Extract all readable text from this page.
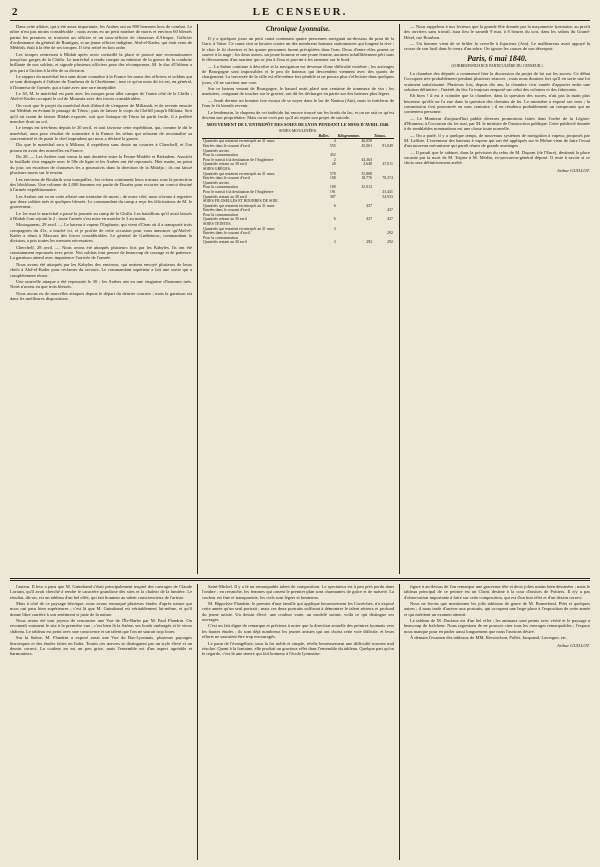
2	LE CENSEUR.

Dans cette affaire, qui a été assez importante, les Arabes ont eu 800 hommes hors de combat. Le nôtre n'est pas moins considérable ; nous avons eu un petit nombre de morts et environ 60 blessés parmi les premiers se trouvent un officier et un sous-officier de chasseurs d'Afrique, l'officier d'ordonnance du général de Rumigny, et un jeune officier indigène. Abd-el-Kader, qui était venu de Médéah, était à la tête de ses troupes. Il s'est retiré en bon ordre.

Les troupes rentreront à Blidah après avoir ravitaillé la place et poussé une reconnaissance jusqu'aux gorges de la Chiffa. Le maréchal a rendu compte au ministre de la guerre de la conduite brillante de nos soldats, et signale plusieurs officiers pour des récompenses. M. le duc d'Orléans a pris part à l'action à la tête de sa division.

Le rapport du maréchal fera sans doute connaître à la France les noms des officiers et soldats qui se sont distingués à l'affaire du Tombeau de la Chrétienne ; tout ce qu'on nous dit ici est, en général, à l'honneur de l'armée, qui a lutté avec une rare intrépidité.

Le 30, M. le maréchal est parti avec les troupes pour aller camper de l'autre côté de la Chiffa ; Abd-el-Kader occupait le col de Mouzaïa avec des forces considérables.

On croit que le projet du maréchal était d'abord de s'emparer de Milianah, et de revenir ensuite sur Médéah en évitant le passage de Ténia ; puis de laisser le corps du Chéliff jusqu'à Miliana. Soit qu'il ait craint de laisser Blidah exposée, soit que l'attaque de Ténia lui parût facile, il a préféré marcher droit au col.

Le temps est très-beau depuis le 20 avril, et tout favorise cette expédition, qui, comme le dit le maréchal, aura pour résultat de soumettre à la France les tribus qui refusent de reconnaître sa souveraineté et de punir le chef imprudent qui nous a déclaré la guerre.

Dis que le maréchal sera à Miliana, il expédiera sans doute un courrier à Cherchell, et l'on pourra en avoir des nouvelles en France.

Du 28. — Les Arabes sont venus la nuit dernière entre la Ferme-Modèle et Birkadem. Aussitôt la fusillade s'est engagée avec le 58e de ligne et les Arabes ont été repoussés. Hier matin, au point du jour, un escadron de chasseurs les a poursuivis dans la direction de la Mitidja ; ils ont laissé plusieurs morts sur le terrain.

Les environs de Boufarik sont tranquilles ; les colons continuent leurs travaux sous la protection des blockhaus. Une colonne de 2,000 hommes est partie de Douéra pour escorter un convoi destiné à l'armée expéditionnaire.

Les Arabes ont eu en cette affaire une trentaine de morts ; de notre côté, nous n'avons à regretter que deux soldats tués et quelques blessés. Le commandant du camp a reçu les félicitations de M. le gouverneur.

Le 1er mai le maréchal a passé la journée au camp de la Chiffa. Les bataillons qu'il avait laissés à Blidah l'ont rejoint le 2 ; toute l'armée s'est mise en marche le 3 au matin.

Mostaganem, 29 avril. — Le bateau à vapeur l'Euphrate, qui vient d'Oran où il a transporté trois compagnies du 41e, a touché ici, et je profite de cette occasion pour vous annoncer qu'Abd-el-Kader a réuni à Mascara des forces considérables. Le général de Guéhéneuc, commandant la division, a pris toutes les mesures nécessaires.

Cherchell, 28 avril. — Nous avons été attaqués plusieurs fois par les Kabyles. Ils ont été constamment repoussés avec perte. Nos soldats font preuve de beaucoup de courage et de patience. La garnison attend avec impatience l'arrivée de l'armée.

Nous avons été attaqués par les Kabyles des environs, qui avaient envoyé plusieurs de leurs chefs à Abd-el-Kader pour réclamer du secours. Le commandant supérieur a fait une sortie qui a complètement réussi.

Une nouvelle attaque a été repoussée le 30 ; les Arabes ont eu une vingtaine d'hommes tués. Nous n'avons eu que trois blessés.

Nous avons eu de nouvelles attaques depuis le départ du dernier courrier ; mais la garnison est dans les meilleures dispositions.

Chronique Lyonnaise.

Il y a quelques jours un petit canot contenant quatre personnes naviguait au-dessous du pont de la Gare, à Vaise. Ce canot vint se heurter contre un des nombreux bateaux stationnaires qui longent la rive ; le choc le fit chavirer et les quatre personnes furent précipitées dans l'eau. Deux d'entre elles purent se sauver à la nage ; les deux autres, un jeune homme et une jeune femme, auraient infailliblement péri sans le dévouement d'un mariner qui se jeta à l'eau et parvint à les ramener sur le bord.

— La Saône continue à décroître et la navigation est devenue d'une difficulté extrême ; les arrivages de Bourgogne sont impossibles et le peu de bateaux qui descendent viennent avec des quarts de chargement. La traversée de la ville est elle-même fort pénible et ne pourra plus s'effectuer dans quelques jours, s'il ne survient une crue.

Sur ce bateau venant de Bourgogne, le hasard avait placé une centaine de tonneaux de vin ; les mariniers, craignant de toucher sur le gravier, ont dû les décharger en partie sur des bateaux plus légers.

— Jeudi dernier un homme ivre essaya de se noyer dans le lac de Nantua (Ain), mais la fraîcheur de l'eau le fit bientôt revenir.

Le lendemain, le chapeau de cet individu fut encore trouvé sur les bords du lac, et on ne sait ce qu'est devenu son propriétaire. Mais on ne croit pas qu'il ait repris son projet de suicide.

MOUVEMENT DE L'ENTREPÔT DES SOIES DE LYON PENDANT LE MOIS D'AVRIL 1840.
SOIES MOULINÉES.
	Balles.	Kilogrammes.	Totaux.
Quantités qui restaient en entrepôt au 31 mars	4	46,058	
Entrées dans le courant d'avril	555	45,061	91,049
Quantités sorties.			
Pour la consommation	452		
Pour le transit à la destination de l'Angleterre	2	44,363	
Quantités restant au 30 avril	28	2,648	47,011
SOIES GRÈGES.			
Quantités qui restaient en entrepôt au 31 mars	578	55,808	
Entrées dans le courant d'avril	188	18,776	78,374
Quantités sorties.			
Pour la consommation	180	23,012	
Pour le transit à la destination de l'Angleterre	191		23,441
Quantités restant au 30 avril	387		54,933
SOIES FILOSELLES ET BOURRES DE SOIE.			
Quantités qui restaient en entrepôt au 31 mars	6	437	
Entrées dans le courant d'avril			437
Pour la consommation			
Quantités restant au 30 avril	6	437	437
SOIES TEINTES.			
Quantités qui restaient en entrepôt au 31 mars	3		
Entrées dans le courant d'avril			292
Pour la consommation			
Quantités restant au 30 avril	3	292	292

— Nous rappelons à nos lecteurs que la grande fête donnée par la maçonnerie lyonnaise, au profit des ouvriers sans travail, aura lieu le samedi 9 mai, à 8 heures du soir, dans les salons du Grand-Hôtel, rue Bourbon.

— Un homme vient de se brûler la cervelle à Jujurieux (Ain). Le malheureux avait appuyé la crosse de son fusil dans le creux d'un arbre. On ignore les causes de son désespoir.

Paris, 6 mai 1840.
(CORRESPONDANCE PARTICULIÈRE DU CENSEUR.)

La chambre des députés a commencé hier la discussion du projet de loi sur les sucres. Ce débat l'occupera très-probablement pendant plusieurs séances ; mais nous doutons fort qu'il en sorte une loi vraiment satisfaisante. Plusieurs fois, depuis dix ans, la chambre s'est vantée d'apporter enfin une solution définitive ; l'intérêt du fisc l'a toujours emporté sur celui des colonies et des fabricants.

Eh bien ! il est à craindre que la chambre, dans la question des sucres, n'ait pas la main plus heureuse qu'elle ne l'a eue dans la question des chemins de fer. Le ministère a exposé ses vues ; la commission s'est prononcée en sens contraire ; il en résultera probablement un compromis qui ne contentera personne.

— Le Moniteur d'aujourd'hui publie diverses promotions faites dans l'ordre de la Légion-d'Honneur, à l'occasion du 1er mai, par M. le ministre de l'instruction publique. Cette publicité donnée à de semblables nominations est une chose toute nouvelle.

— On a parlé, il y a quelque temps, de nouveaux systèmes de navigation à vapeur, proposés par M. Laffitte. L'inventeur des bateaux à vapeur qui ont été appliqués sur le Rhône vient de faire l'essai d'un nouveau mécanisme qui paraît réunir de grands avantages.

— Il paraît que le cabinet, dans la prévision du refus de M. Dupont (de l'Eure), destinait la place vacante par la mort de M. Tripier à M. Merlin, ex-procureur-général déposé. Il reste à savoir si ce choix sera définitivement arrêté.

Arthur GUILLOT.

l'auteur. Il leur a paru que M. Guindrand s'était principalement inspiré des ouvrages de Claude Lorrain, qu'il avait cherché à rendre le caractère grandiose des sites et la chaleur de la lumière. Le résultat, dit-on, est un tableau d'un bel effet, qui fait honneur au talent consciencieux de l'artiste.

Mais à côté de ce paysage héroïque, nous avons remarqué plusieurs études d'après nature qui nous ont paru bien supérieures ; c'est là que M. Guindrand est véritablement lui-même, et qu'il donne libre carrière à son sentiment si juste de la nature.

Nous avons été tout joyeux de rencontrer une Vue de l'Île-Barbe par M. Paul Flandrin. On reconnaît vraiment le site à la première vue ; c'est bien là la Saône, ses bords ombragés et le vieux château. Le tableau est peint avec une conscience et un talent que l'on ne saurait trop louer.

Sur la Saône, M. Flandrin a exposé aussi une Vue du Bas-Lyonnais, plusieurs paysages historiques et des études faites en Italie. Toutes ces œuvres se distinguent par un style élevé et un dessin correct. La couleur en est un peu grise, mais l'ensemble est d'un aspect agréable et harmonieux.

Saint-Michel. Il y a là un remarquable talent de composition. Le spectateur est à peu près perdu dans l'ombre ; en revanche, les femmes qui ornent le premier plan sont charmantes de grâce et de naïveté. La couleur est fine et transparente, les ciels sont légers et lumineux.

M. Hippolyte Flandrin, le premier d'une famille qui applique heureusement les Corrèches, n'a exposé cette année qu'un seul portrait ; mais ces deux portraits suffiront à démontrer le talent sérieux et profond du jeune artiste. Un dessin élevé, une couleur vraie, un modelé savant, voilà ce qui distingue ses ouvrages.

C'est un fait digne de remarque et précieux à noter que la direction actuelle des peintres lyonnais vers les hautes études ; ils sont déjà nombreux les jeunes artistes qui ont choisi cette voie difficile, et leurs efforts ne sauraient être trop encouragés.

Le paon de l'évangéliste, sous la foi noble et simple, révèle heureusement une difficulté souvent mal résolue. Quant à la fontaine, elle produit un gracieux effet dans l'ensemble du tableau. Quelque part qu'on le regarde, c'est là une œuvre qui fait honneur à l'école lyonnaise.

figure à au-dessus de l'on remarque une gracieuse tête et deux jolies mains bien dessinées ; mais le tableau principal de ce peintre est un Christ destiné à la cour d'assises de Poitiers. Il n'y a pas d'observation importante à faire sur cette composition, qui est d'un bon effet et d'un dessin correct.

Nous ne ferons que mentionner les jolis tableaux de genre de M. Bonnefond, Pilet et quelques autres ; il nous tarde d'arriver aux portraits, qui occupent une large place à l'exposition de cette année et qui méritent un examen attentif.

Le tableau de M. Duclaux est d'un bel effet ; les animaux sont peints avec vérité et le paysage a beaucoup de fraîcheur. Nous regrettons de ne pouvoir citer tous les ouvrages remarquables ; l'espace nous manque pour en parler aussi longuement que nous l'aurions désiré.

À demain l'examen des tableaux de MM. Revoirchon, Pollet, Jacquand, Lavergne, etc.

Arthur GUILLOT.
